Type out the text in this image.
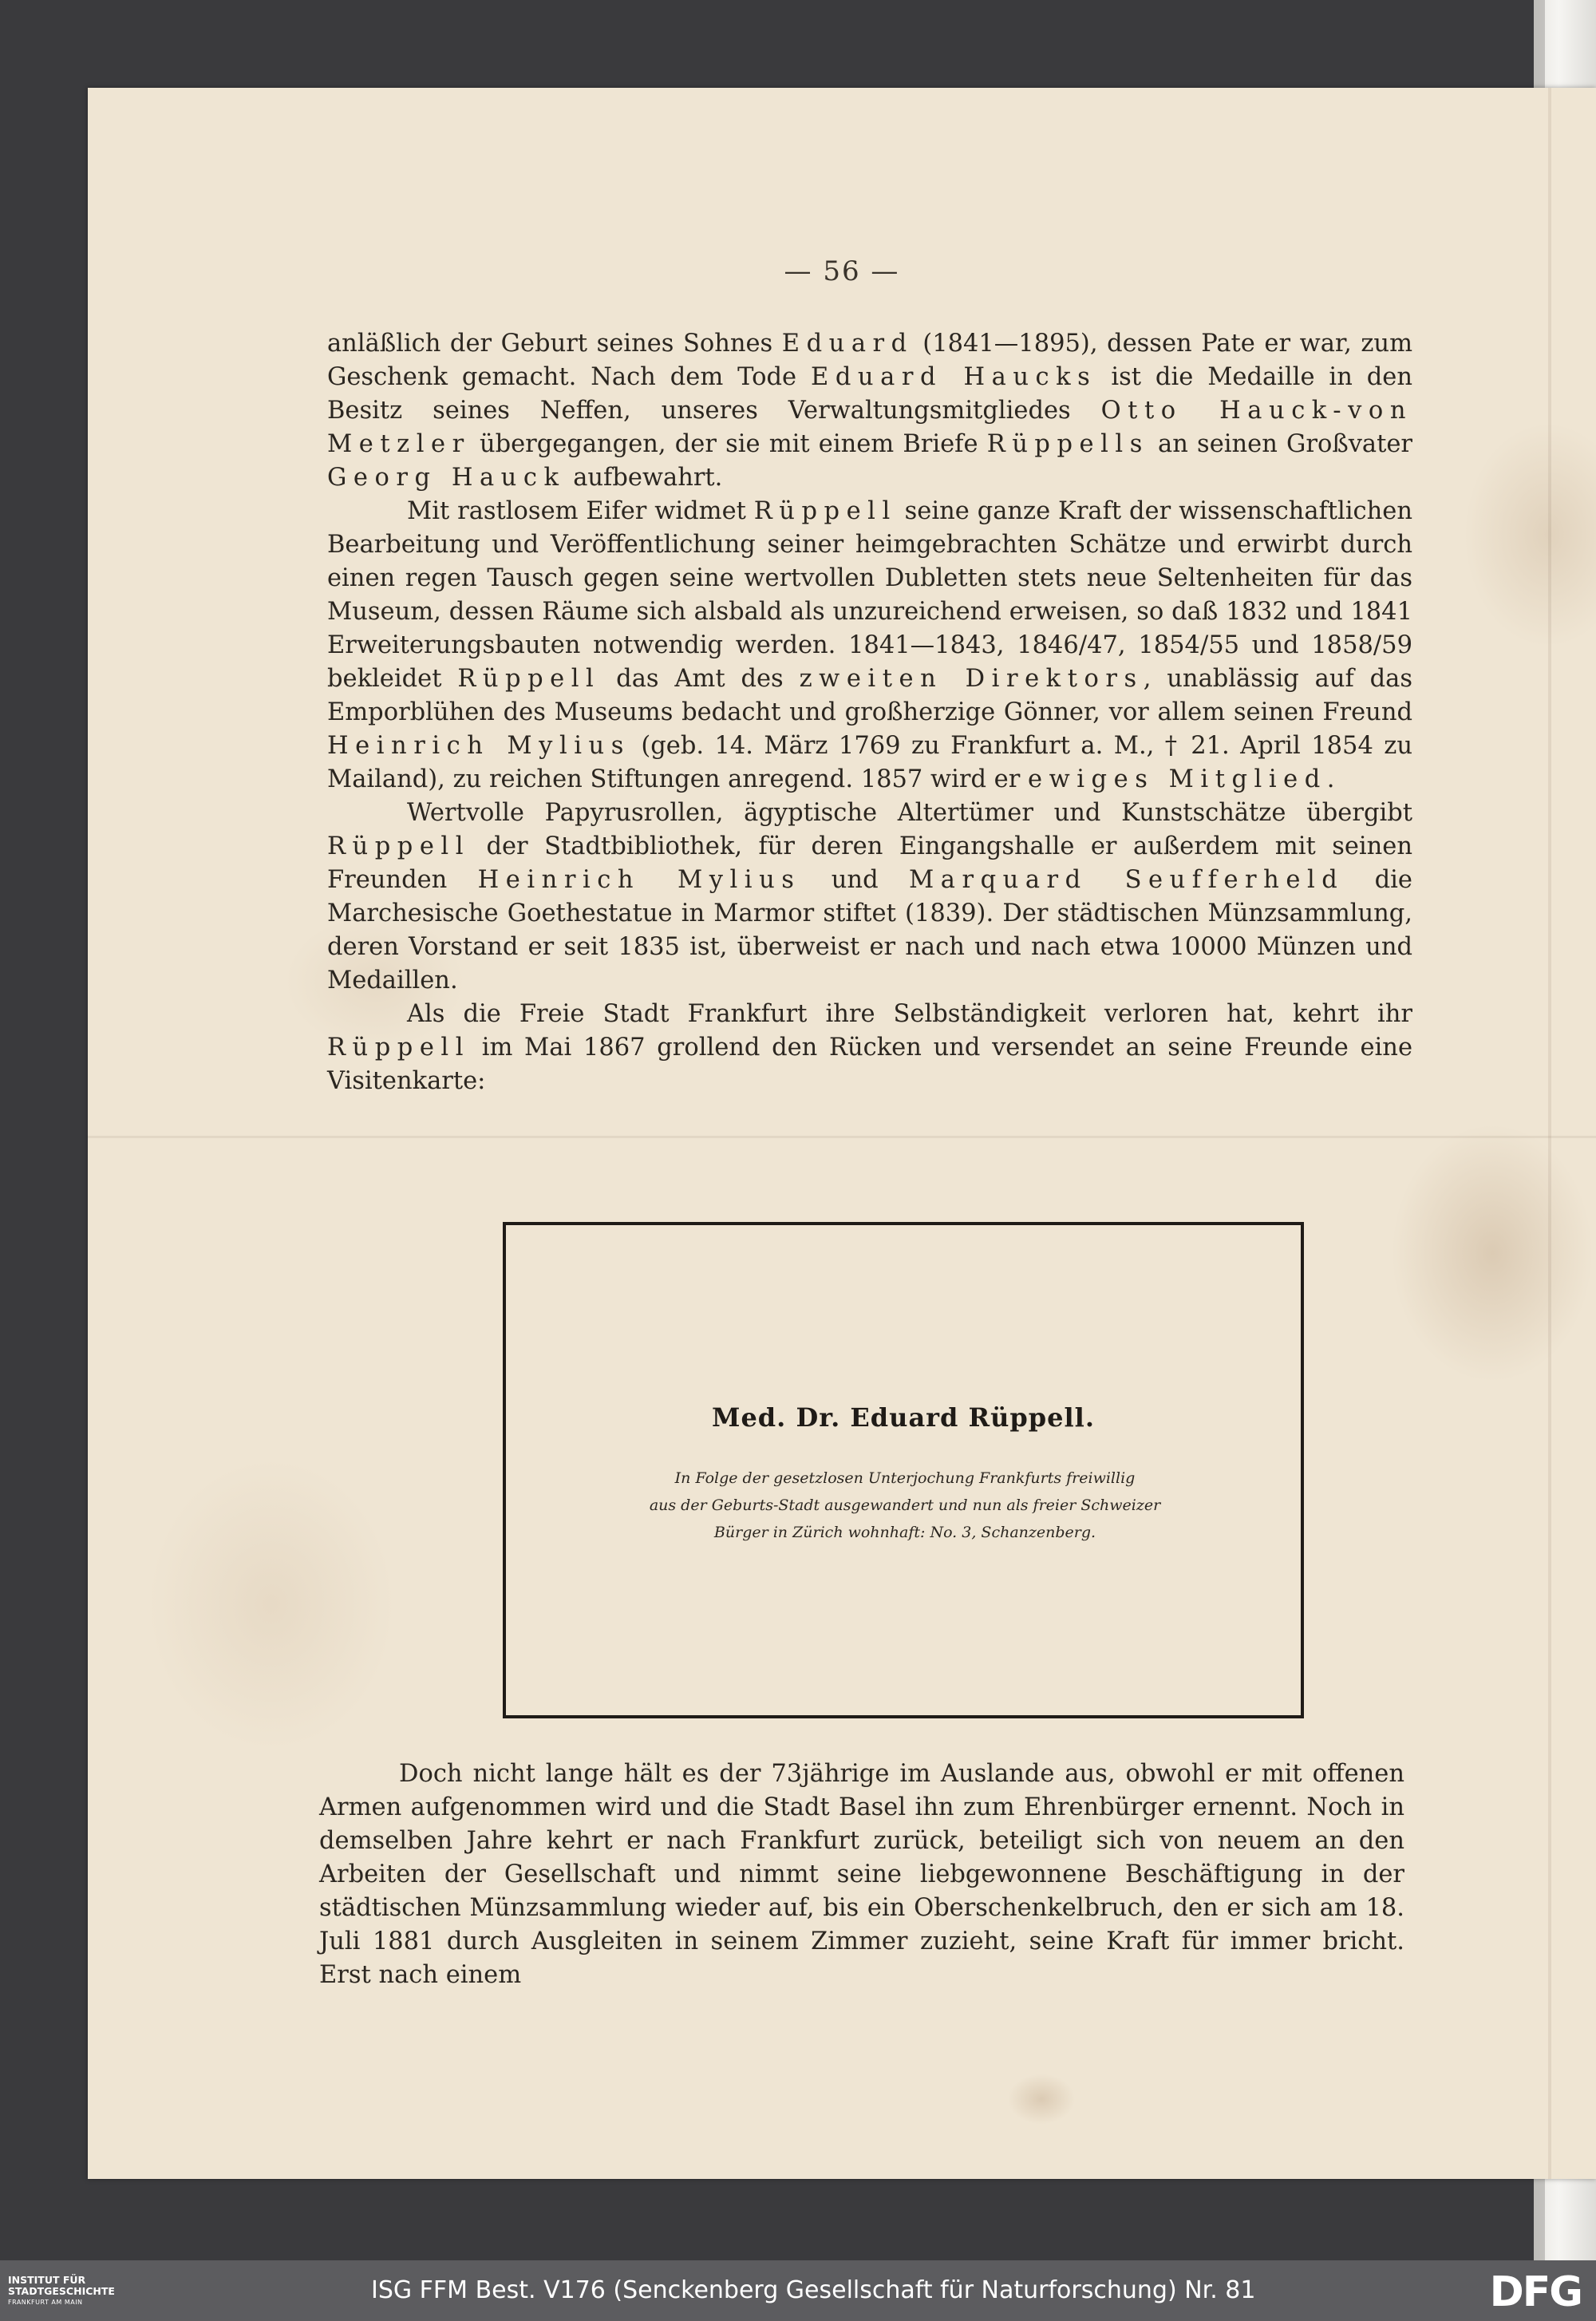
— 56 —

anläßlich der Geburt seines Sohnes Eduard (1841—1895), dessen Pate er war, zum Geschenk gemacht. Nach dem Tode Eduard Haucks ist die Medaille in den Besitz seines Neffen, unseres Verwaltungsmitgliedes Otto Hauck-von Metzler übergegangen, der sie mit einem Briefe Rüppells an seinen Großvater Georg Hauck aufbewahrt.

Mit rastlosem Eifer widmet Rüppell seine ganze Kraft der wissenschaftlichen Bearbeitung und Veröffentlichung seiner heimgebrachten Schätze und erwirbt durch einen regen Tausch gegen seine wertvollen Dubletten stets neue Seltenheiten für das Museum, dessen Räume sich alsbald als unzureichend erweisen, so daß 1832 und 1841 Erweiterungsbauten notwendig werden. 1841—1843, 1846/47, 1854/55 und 1858/59 bekleidet Rüppell das Amt des zweiten Direktors, unablässig auf das Emporblühen des Museums bedacht und großherzige Gönner, vor allem seinen Freund Heinrich Mylius (geb. 14. März 1769 zu Frankfurt a. M., † 21. April 1854 zu Mailand), zu reichen Stiftungen anregend. 1857 wird er ewiges Mitglied.

Wertvolle Papyrusrollen, ägyptische Altertümer und Kunstschätze übergibt Rüppell der Stadtbibliothek, für deren Eingangshalle er außerdem mit seinen Freunden Heinrich Mylius und Marquard Seufferheld die Marchesische Goethestatue in Marmor stiftet (1839). Der städtischen Münzsammlung, deren Vorstand er seit 1835 ist, überweist er nach und nach etwa 10000 Münzen und Medaillen.

Als die Freie Stadt Frankfurt ihre Selbständigkeit verloren hat, kehrt ihr Rüppell im Mai 1867 grollend den Rücken und versendet an seine Freunde eine Visitenkarte:

Med. Dr. Eduard Rüppell.
In Folge der gesetzlosen Unterjochung Frankfurts freiwillig
aus der Geburts-Stadt ausgewandert und nun als freier Schweizer
Bürger in Zürich wohnhaft: No. 3, Schanzenberg.

Doch nicht lange hält es der 73jährige im Auslande aus, obwohl er mit offenen Armen aufgenommen wird und die Stadt Basel ihn zum Ehrenbürger ernennt. Noch in demselben Jahre kehrt er nach Frankfurt zurück, beteiligt sich von neuem an den Arbeiten der Gesellschaft und nimmt seine liebgewonnene Beschäftigung in der städtischen Münzsammlung wieder auf, bis ein Oberschenkelbruch, den er sich am 18. Juli 1881 durch Ausgleiten in seinem Zimmer zuzieht, seine Kraft für immer bricht. Erst nach einem

INSTITUT FÜR
STADTGESCHICHTE
FRANKFURT AM MAIN	ISG FFM Best. V176 (Senckenberg Gesellschaft für Naturforschung) Nr. 81	DFG
